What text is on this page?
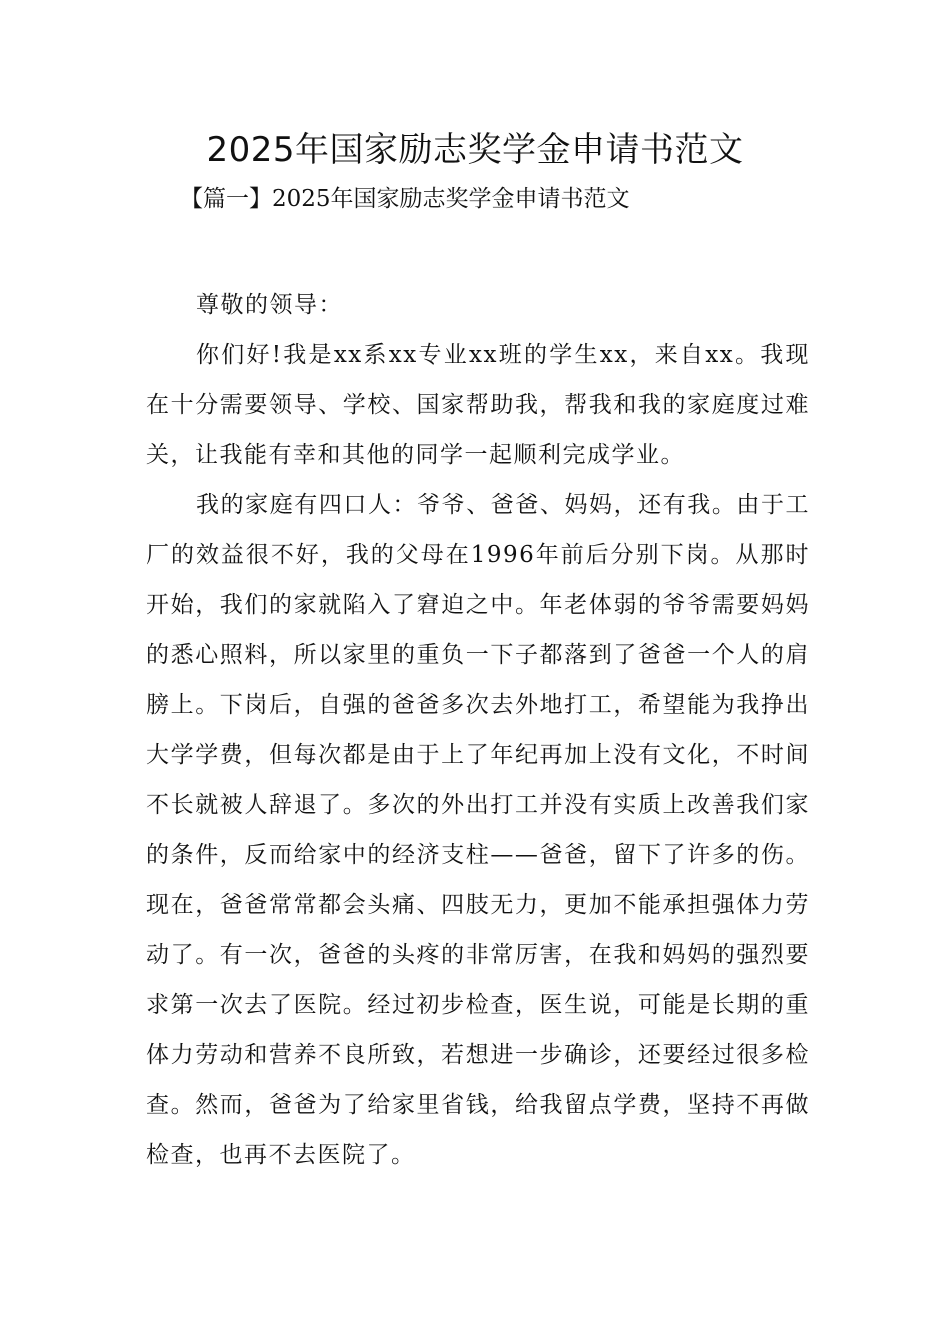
2025年国家励志奖学金申请书范文
【篇一】2025年国家励志奖学金申请书范文

尊敬的领导：

你们好!我是xx系xx专业xx班的学生xx，来自xx。我现在十分需要领导、学校、国家帮助我，帮我和我的家庭度过难关，让我能有幸和其他的同学一起顺利完成学业。

我的家庭有四口人：爷爷、爸爸、妈妈，还有我。由于工厂的效益很不好，我的父母在1996年前后分别下岗。从那时开始，我们的家就陷入了窘迫之中。年老体弱的爷爷需要妈妈的悉心照料，所以家里的重负一下子都落到了爸爸一个人的肩膀上。下岗后，自强的爸爸多次去外地打工，希望能为我挣出大学学费，但每次都是由于上了年纪再加上没有文化，不时间不长就被人辞退了。多次的外出打工并没有实质上改善我们家的条件，反而给家中的经济支柱——爸爸，留下了许多的伤。现在，爸爸常常都会头痛、四肢无力，更加不能承担强体力劳动了。有一次，爸爸的头疼的非常厉害，在我和妈妈的强烈要求第一次去了医院。经过初步检查，医生说，可能是长期的重体力劳动和营养不良所致，若想进一步确诊，还要经过很多检查。然而，爸爸为了给家里省钱，给我留点学费，坚持不再做检查，也再不去医院了。
